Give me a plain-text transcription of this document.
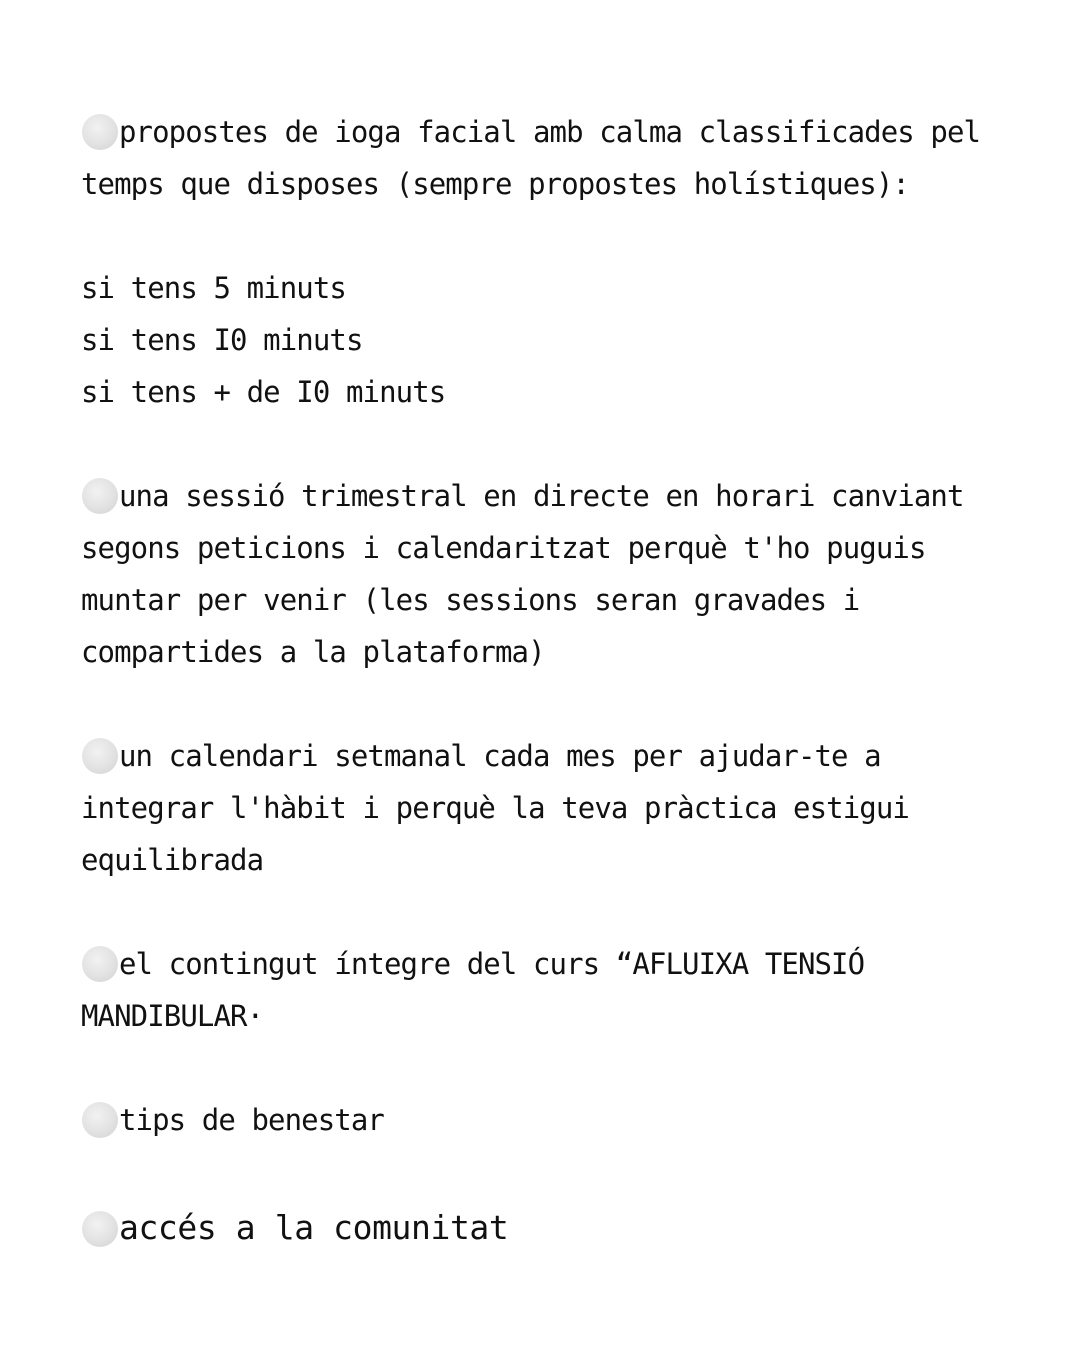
propostes de ioga facial amb calma classificades pel
temps que disposes (sempre propostes holístiques):
si tens 5 minuts
si tens I0 minuts
si tens + de I0 minuts
una sessió trimestral en directe en horari canviant
segons peticions i calendaritzat perquè t'ho puguis
muntar per venir (les sessions seran gravades i
compartides a la plataforma)
un calendari setmanal cada mes per ajudar-te a
integrar l'hàbit i perquè la teva pràctica estigui
equilibrada
el contingut íntegre del curs “AFLUIXA TENSIÓ
MANDIBULAR·
tips de benestar
accés a la comunitat
